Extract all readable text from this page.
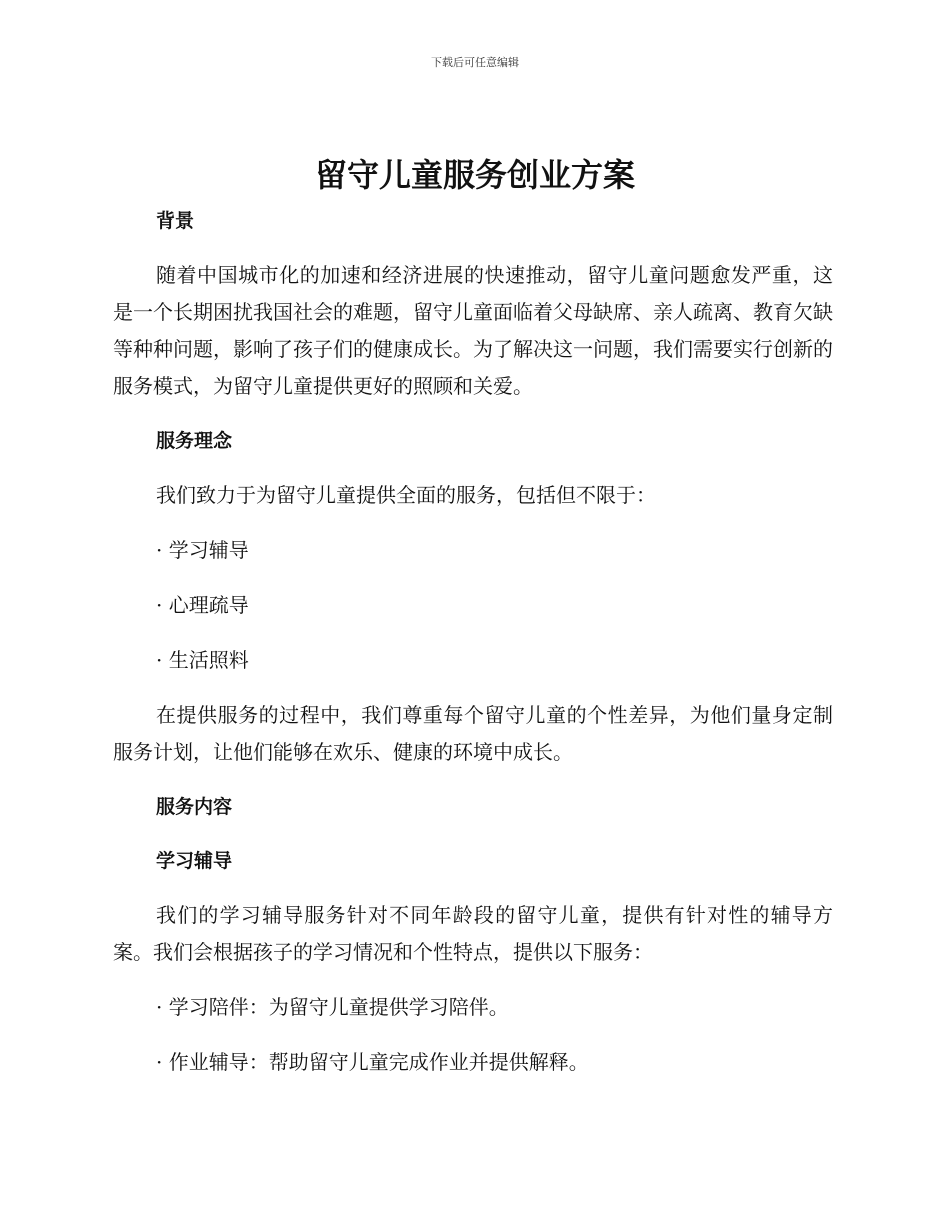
下载后可任意编辑
留守儿童服务创业方案

背景

随着中国城市化的加速和经济进展的快速推动，留守儿童问题愈发严重，这是一个长期困扰我国社会的难题，留守儿童面临着父母缺席、亲人疏离、教育欠缺等种种问题，影响了孩子们的健康成长。为了解决这一问题，我们需要实行创新的服务模式，为留守儿童提供更好的照顾和关爱。

服务理念

我们致力于为留守儿童提供全面的服务，包括但不限于：

· 学习辅导

· 心理疏导

· 生活照料

在提供服务的过程中，我们尊重每个留守儿童的个性差异，为他们量身定制服务计划，让他们能够在欢乐、健康的环境中成长。

服务内容

学习辅导

我们的学习辅导服务针对不同年龄段的留守儿童，提供有针对性的辅导方案。我们会根据孩子的学习情况和个性特点，提供以下服务：

· 学习陪伴：为留守儿童提供学习陪伴。

· 作业辅导：帮助留守儿童完成作业并提供解释。
